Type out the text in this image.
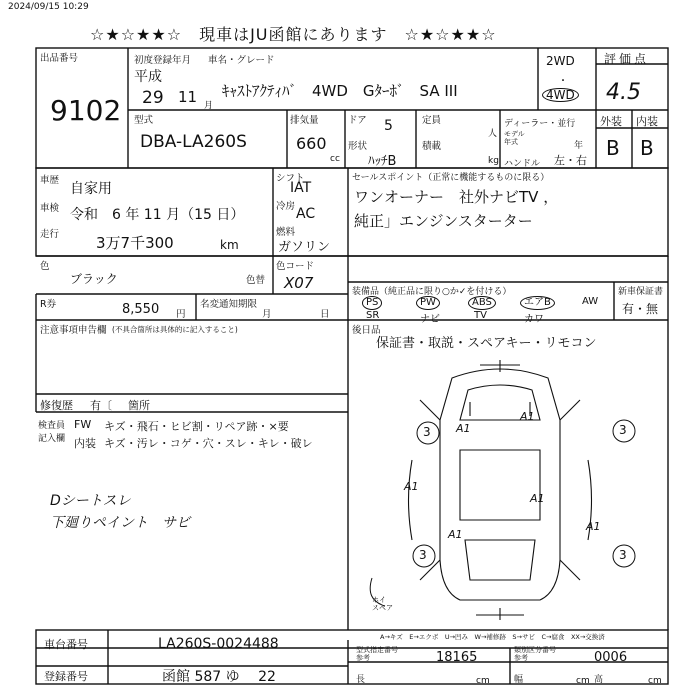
2024/09/15 10:29
☆★☆★★☆　現車はJU函館にあります　☆★☆★★☆
出品番号
9102
初度登録年月 車名・グレード
平成
29 11 月
ｷｬｽﾄｱｸﾃｨﾊﾞ　4WD　Gﾀｰﾎﾞ　SA III
2WD
・
4WD
型式
DBA-LA260S
排気量
660
cc
ドア 5
形状
ﾊｯﾁB
定員
人
積載
kg
ディーラー・並行
モデル
年式	年
ハンドル 左・右
評価点
4.5
外装 内装
B B
車歴
自家用
車検 令和　6 年 11 月（15 日）
走行 3万7千300	km
シフト
IAT
冷房 AC
燃料
ガソリン
セールスポイント（正常に機能するものに限る）
ワンオーナー　社外ナビTV ，
純正」エンジンスターター
色
ブラック	色替
色コード
X07
R券	8,550 円
名変通知期限
月	日
装備品（純正品に限り○か✓を付ける）
PS	PW	ABS	エアB	AW
SR	ナビ	TV	カワ
新車保証書
有・無
後日品
保証書・取説・スペアキー・リモコン
注意事項申告欄 (不具合箇所は具体的に記入すること)
修復歴 有〔 箇所
検査員
記入欄
FW キズ・飛石・ヒビ割・リペア跡・×要
内装 キズ・汚レ・コゲ・穴・スレ・キレ・破レ
Dシートスレ
下廻りペイント　サビ
A1
A1
A1
A1
A1
A1
3	3
3	3
ホイ
スペア
A→キズ　E→エクボ　U→凹み　W→補修跡　S→サビ　C→腐食　XX→交換済
車台番号	LA260S-0024488
登録番号	函館 587 ゆ　 22
型式指定番号
参考	18165	類別区分番号
参考	0006
長	cm	幅	cm 高	cm
